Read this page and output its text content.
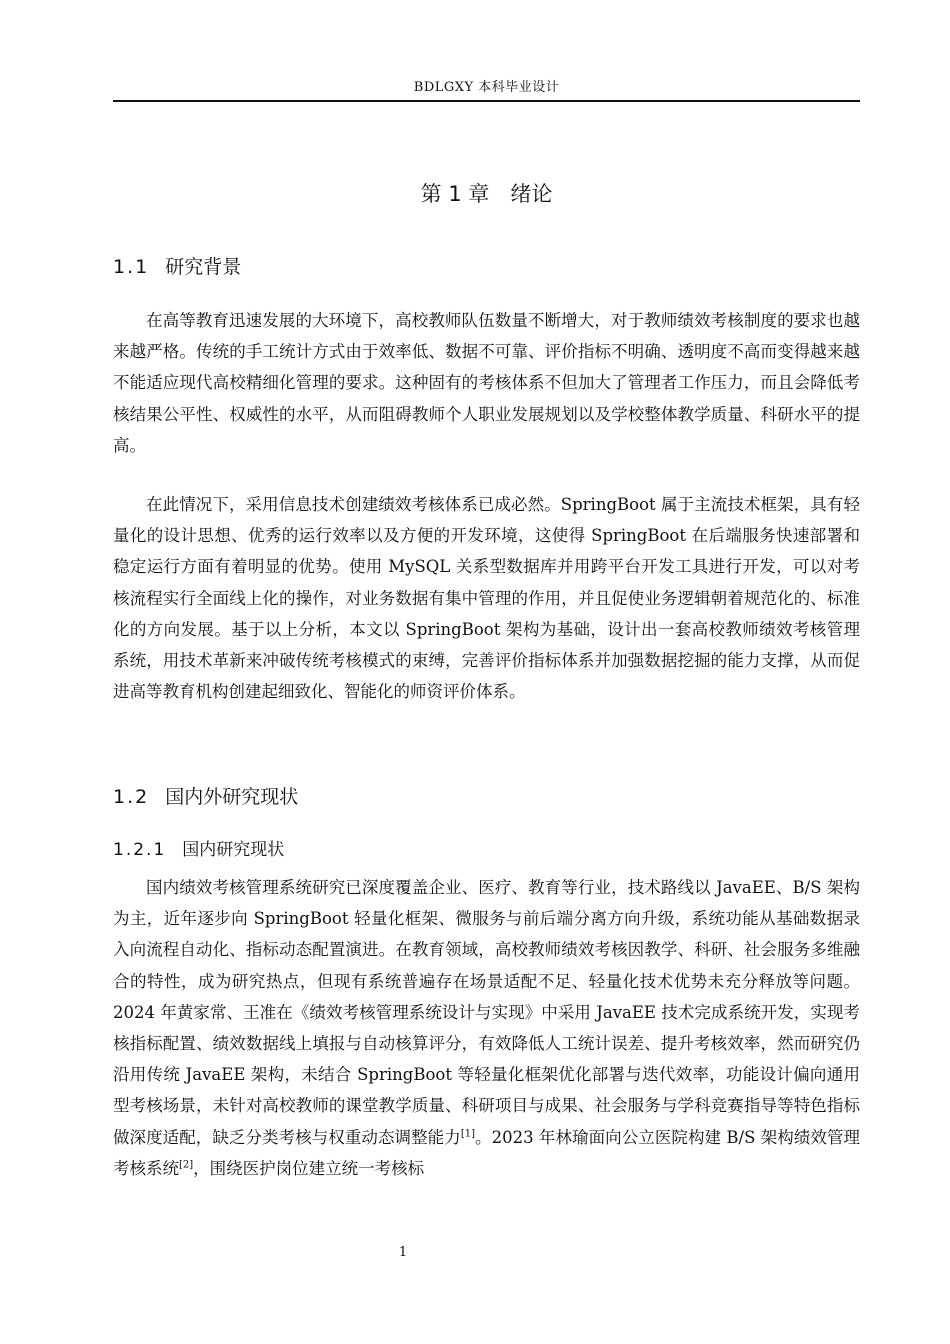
BDLGXY 本科毕业设计
第 1 章　绪论
1.1 研究背景

在高等教育迅速发展的大环境下，高校教师队伍数量不断增大，对于教师绩效考核制度的要求也越来越严格。传统的手工统计方式由于效率低、数据不可靠、评价指标不明确、透明度不高而变得越来越不能适应现代高校精细化管理的要求。这种固有的考核体系不但加大了管理者工作压力，而且会降低考核结果公平性、权威性的水平，从而阻碍教师个人职业发展规划以及学校整体教学质量、科研水平的提高。

在此情况下，采用信息技术创建绩效考核体系已成必然。SpringBoot 属于主流技术框架，具有轻量化的设计思想、优秀的运行效率以及方便的开发环境，这使得 SpringBoot 在后端服务快速部署和稳定运行方面有着明显的优势。使用 MySQL 关系型数据库并用跨平台开发工具进行开发，可以对考核流程实行全面线上化的操作，对业务数据有集中管理的作用，并且促使业务逻辑朝着规范化的、标准化的方向发展。基于以上分析，本文以 SpringBoot 架构为基础，设计出一套高校教师绩效考核管理系统，用技术革新来冲破传统考核模式的束缚，完善评价指标体系并加强数据挖掘的能力支撑，从而促进高等教育机构创建起细致化、智能化的师资评价体系。

1.2 国内外研究现状
1.2.1 国内研究现状

国内绩效考核管理系统研究已深度覆盖企业、医疗、教育等行业，技术路线以 JavaEE、B/S 架构为主，近年逐步向 SpringBoot 轻量化框架、微服务与前后端分离方向升级，系统功能从基础数据录入向流程自动化、指标动态配置演进。在教育领域，高校教师绩效考核因教学、科研、社会服务多维融合的特性，成为研究热点，但现有系统普遍存在场景适配不足、轻量化技术优势未充分释放等问题。2024 年黄家常、王准在《绩效考核管理系统设计与实现》中采用 JavaEE 技术完成系统开发，实现考核指标配置、绩效数据线上填报与自动核算评分，有效降低人工统计误差、提升考核效率，然而研究仍沿用传统 JavaEE 架构，未结合 SpringBoot 等轻量化框架优化部署与迭代效率，功能设计偏向通用型考核场景，未针对高校教师的课堂教学质量、科研项目与成果、社会服务与学科竞赛指导等特色指标做深度适配，缺乏分类考核与权重动态调整能力[1]。2023 年林瑜面向公立医院构建 B/S 架构绩效管理考核系统[2]，围绕医护岗位建立统一考核标

1
